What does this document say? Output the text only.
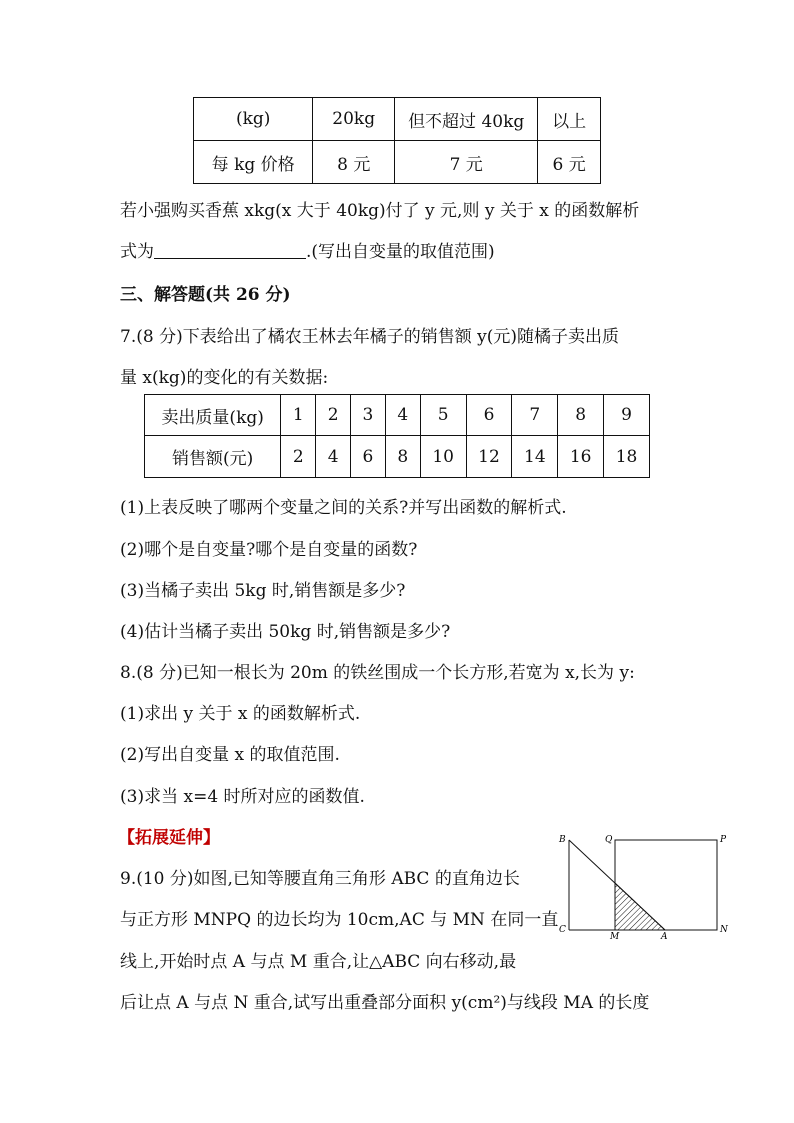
(kg)	20kg	但不超过 40kg	以上
每 kg 价格	8 元	7 元	6 元
若小强购买香蕉 xkg(x 大于 40kg)付了 y 元,则 y 关于 x 的函数解析
式为	.(写出自变量的取值范围)
三、解答题(共 26 分)
7.(8 分)下表给出了橘农王林去年橘子的销售额 y(元)随橘子卖出质
量 x(kg)的变化的有关数据:
卖出质量(kg)	1	2	3	4	5	6	7	8	9
销售额(元)	2	4	6	8	10	12	14	16	18
(1)上表反映了哪两个变量之间的关系?并写出函数的解析式.
(2)哪个是自变量?哪个是自变量的函数?
(3)当橘子卖出 5kg 时,销售额是多少?
(4)估计当橘子卖出 50kg 时,销售额是多少?
8.(8 分)已知一根长为 20m 的铁丝围成一个长方形,若宽为 x,长为 y:
(1)求出 y 关于 x 的函数解析式.
(2)写出自变量 x 的取值范围.
(3)求当 x=4 时所对应的函数值.
【拓展延伸】
9.(10 分)如图,已知等腰直角三角形 ABC 的直角边长
与正方形 MNPQ 的边长均为 10cm,AC 与 MN 在同一直
线上,开始时点 A 与点 M 重合,让△ABC 向右移动,最
后让点 A 与点 N 重合,试写出重叠部分面积 y(cm²)与线段 MA 的长度
B	Q	P
C
M	A
N
